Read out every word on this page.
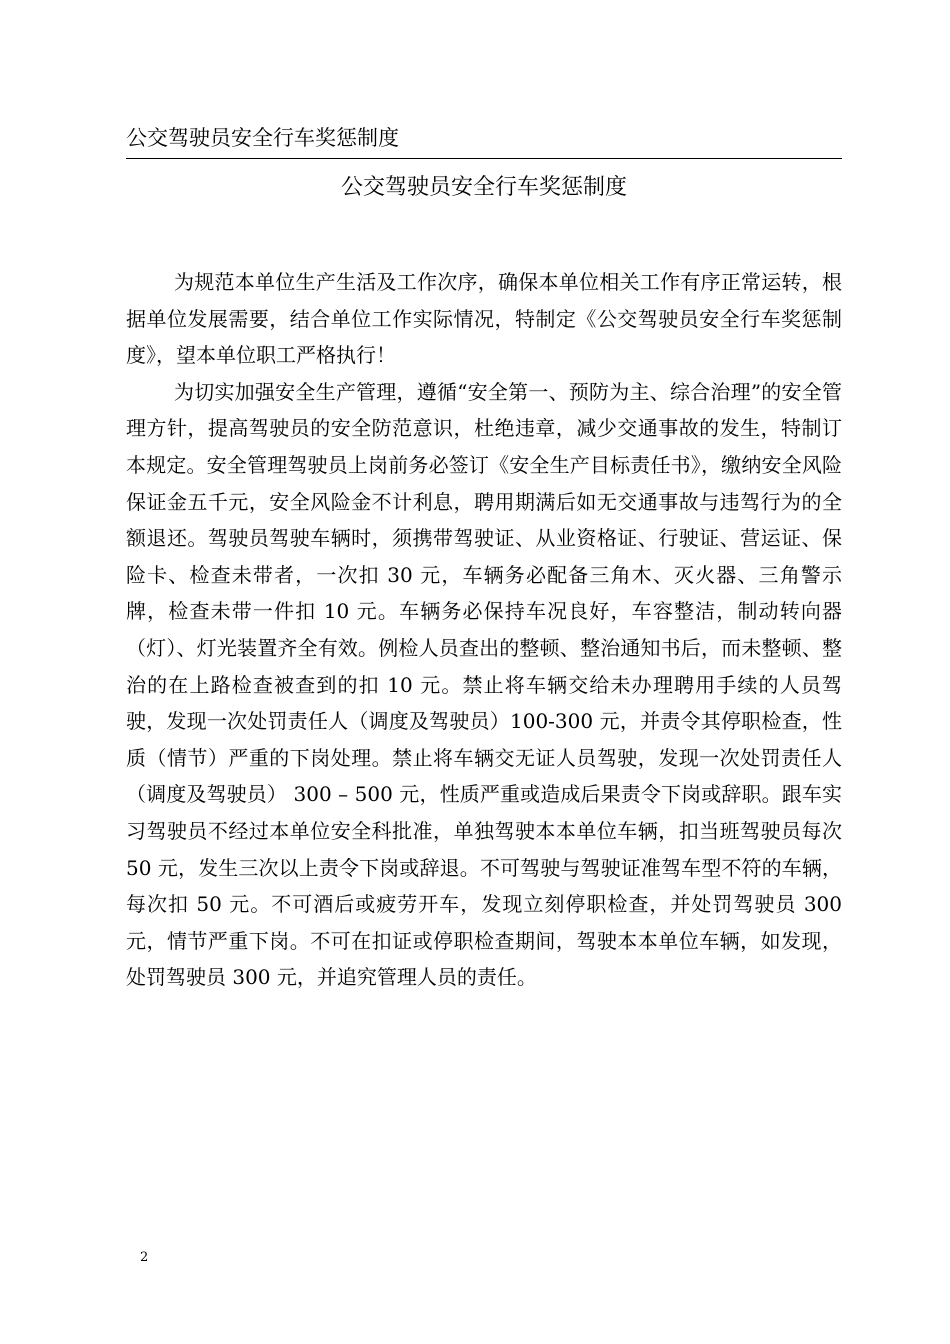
公交驾驶员安全行车奖惩制度
公交驾驶员安全行车奖惩制度

为规范本单位生产生活及工作次序，确保本单位相关工作有序正常运转，根据单位发展需要，结合单位工作实际情况，特制定《公交驾驶员安全行车奖惩制度》，望本单位职工严格执行！

为切实加强安全生产管理，遵循“安全第一、预防为主、综合治理”的安全管理方针，提高驾驶员的安全防范意识，杜绝违章，减少交通事故的发生，特制订本规定。安全管理驾驶员上岗前务必签订《安全生产目标责任书》，缴纳安全风险保证金五千元，安全风险金不计利息，聘用期满后如无交通事故与违驾行为的全额退还。驾驶员驾驶车辆时，须携带驾驶证、从业资格证、行驶证、营运证、保险卡、检查未带者，一次扣 30 元，车辆务必配备三角木、灭火器、三角警示牌，检查未带一件扣 10 元。车辆务必保持车况良好，车容整洁，制动转向器（灯）、灯光装置齐全有效。例检人员查出的整顿、整治通知书后，而未整顿、整治的在上路检查被查到的扣 10 元。禁止将车辆交给未办理聘用手续的人员驾驶，发现一次处罚责任人（调度及驾驶员）100-300 元，并责令其停职检查，性质（情节）严重的下岗处理。禁止将车辆交无证人员驾驶，发现一次处罚责任人（调度及驾驶员） 300 – 500 元，性质严重或造成后果责令下岗或辞职。跟车实习驾驶员不经过本单位安全科批准，单独驾驶本本单位车辆，扣当班驾驶员每次 50 元，发生三次以上责令下岗或辞退。不可驾驶与驾驶证准驾车型不符的车辆，每次扣 50 元。不可酒后或疲劳开车，发现立刻停职检查，并处罚驾驶员 300 元，情节严重下岗。不可在扣证或停职检查期间，驾驶本本单位车辆，如发现，处罚驾驶员 300 元，并追究管理人员的责任。

2
